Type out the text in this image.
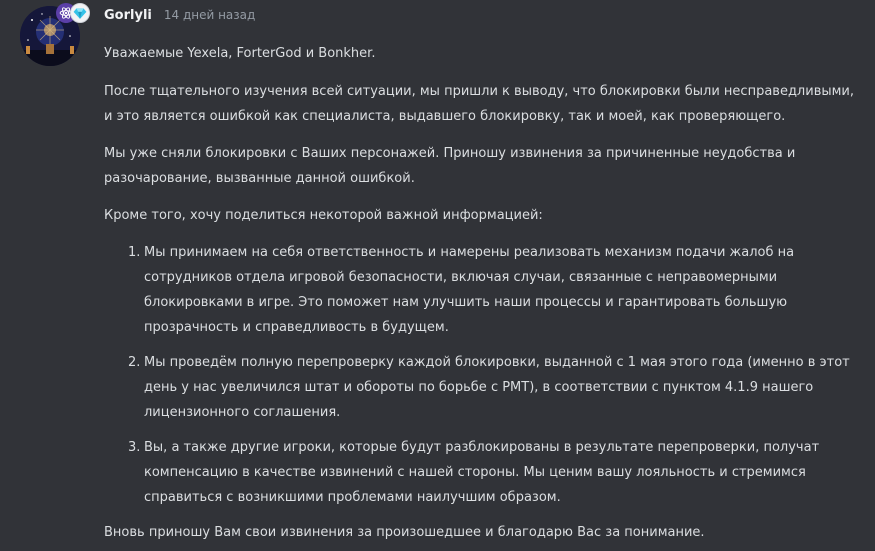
Gorlyli 14 дней назад

Уважаемые Yexela, ForterGod и Bonkher.

После тщательного изучения всей ситуации, мы пришли к выводу, что блокировки были несправедливыми, и это является ошибкой как специалиста, выдавшего блокировку, так и моей, как проверяющего.

Мы уже сняли блокировки с Ваших персонажей. Приношу извинения за причиненные неудобства и разочарование, вызванные данной ошибкой.

Кроме того, хочу поделиться некоторой важной информацией:

1. Мы принимаем на себя ответственность и намерены реализовать механизм подачи жалоб на сотрудников отдела игровой безопасности, включая случаи, связанные с неправомерными блокировками в игре. Это поможет нам улучшить наши процессы и гарантировать большую прозрачность и справедливость в будущем.
2. Мы проведём полную перепроверку каждой блокировки, выданной с 1 мая этого года (именно в этот день у нас увеличился штат и обороты по борьбе с РМТ), в соответствии с пунктом 4.1.9 нашего лицензионного соглашения.
3. Вы, а также другие игроки, которые будут разблокированы в результате перепроверки, получат компенсацию в качестве извинений с нашей стороны. Мы ценим вашу лояльность и стремимся справиться с возникшими проблемами наилучшим образом.

Вновь приношу Вам свои извинения за произошедшее и благодарю Вас за понимание.
